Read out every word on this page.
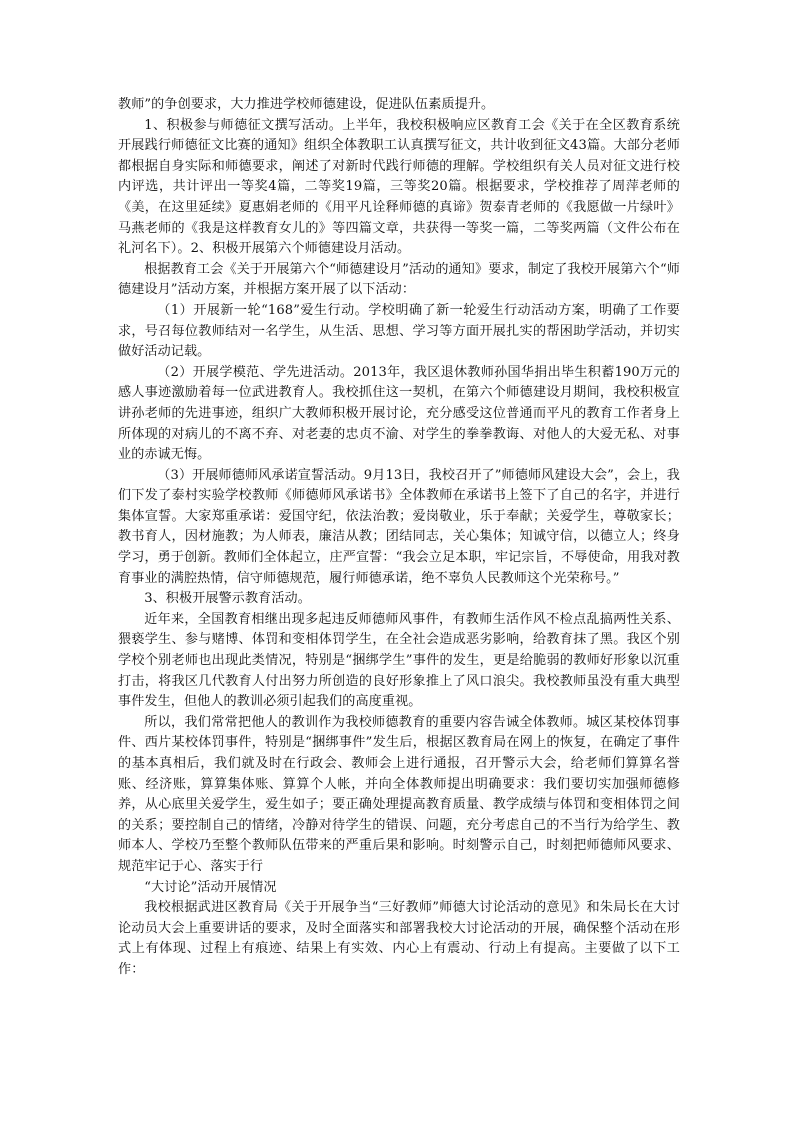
教师”的争创要求，大力推进学校师德建设，促进队伍素质提升。

1、积极参与师德征文撰写活动。上半年，我校积极响应区教育工会《关于在全区教育系统开展践行师德征文比赛的通知》组织全体教职工认真撰写征文，共计收到征文43篇。大部分老师都根据自身实际和师德要求，阐述了对新时代践行师德的理解。学校组织有关人员对征文进行校内评选，共计评出一等奖4篇，二等奖19篇，三等奖20篇。根据要求，学校推荐了周萍老师的《美，在这里延续》夏惠娟老师的《用平凡诠释师德的真谛》贺泰青老师的《我愿做一片绿叶》马燕老师的《我是这样教育女儿的》等四篇文章，共获得一等奖一篇，二等奖两篇（文件公布在礼河名下）。2、积极开展第六个师德建设月活动。

根据教育工会《关于开展第六个“师德建设月”活动的通知》要求，制定了我校开展第六个“师德建设月”活动方案，并根据方案开展了以下活动：

（1）开展新一轮“168”爱生行动。学校明确了新一轮爱生行动活动方案，明确了工作要求，号召每位教师结对一名学生，从生活、思想、学习等方面开展扎实的帮困助学活动，并切实做好活动记载。

（2）开展学模范、学先进活动。2013年，我区退休教师孙国华捐出毕生积蓄190万元的感人事迹激励着每一位武进教育人。我校抓住这一契机，在第六个师德建设月期间，我校积极宣讲孙老师的先进事迹，组织广大教师积极开展讨论，充分感受这位普通而平凡的教育工作者身上所体现的对病儿的不离不弃、对老妻的忠贞不渝、对学生的拳拳教诲、对他人的大爱无私、对事业的赤诚无悔。

（3）开展师德师风承诺宣誓活动。9月13日，我校召开了”师德师风建设大会”，会上，我们下发了泰村实验学校教师《师德师风承诺书》全体教师在承诺书上签下了自己的名字，并进行集体宣誓。大家郑重承诺：爱国守纪，依法治教；爱岗敬业，乐于奉献；关爱学生，尊敬家长；教书育人，因材施教；为人师表，廉洁从教；团结同志，关心集体；知诚守信，以德立人；终身学习，勇于创新。教师们全体起立，庄严宣誓：“我会立足本职，牢记宗旨，不辱使命，用我对教育事业的满腔热情，信守师德规范，履行师德承诺，绝不辜负人民教师这个光荣称号。”

3、积极开展警示教育活动。

近年来，全国教育相继出现多起违反师德师风事件，有教师生活作风不检点乱搞两性关系、猥亵学生、参与赌博、体罚和变相体罚学生，在全社会造成恶劣影响，给教育抹了黑。我区个别学校个别老师也出现此类情况，特别是“捆绑学生”事件的发生，更是给脆弱的教师好形象以沉重打击，将我区几代教育人付出努力所创造的良好形象推上了风口浪尖。我校教师虽没有重大典型事件发生，但他人的教训必须引起我们的高度重视。

所以，我们常常把他人的教训作为我校师德教育的重要内容告诫全体教师。城区某校体罚事件、西片某校体罚事件，特别是“捆绑事件”发生后，根据区教育局在网上的恢复，在确定了事件的基本真相后，我们就及时在行政会、教师会上进行通报，召开警示大会，给老师们算算名誉账、经济账，算算集体账、算算个人帐，并向全体教师提出明确要求：我们要切实加强师德修养，从心底里关爱学生，爱生如子；要正确处理提高教育质量、教学成绩与体罚和变相体罚之间的关系；要控制自己的情绪，冷静对待学生的错误、问题，充分考虑自己的不当行为给学生、教师本人、学校乃至整个教师队伍带来的严重后果和影响。时刻警示自己，时刻把师德师风要求、规范牢记于心、落实于行

“大讨论”活动开展情况

我校根据武进区教育局《关于开展争当“三好教师”师德大讨论活动的意见》和朱局长在大讨论动员大会上重要讲话的要求，及时全面落实和部署我校大讨论活动的开展，确保整个活动在形式上有体现、过程上有痕迹、结果上有实效、内心上有震动、行动上有提高。主要做了以下工作：
